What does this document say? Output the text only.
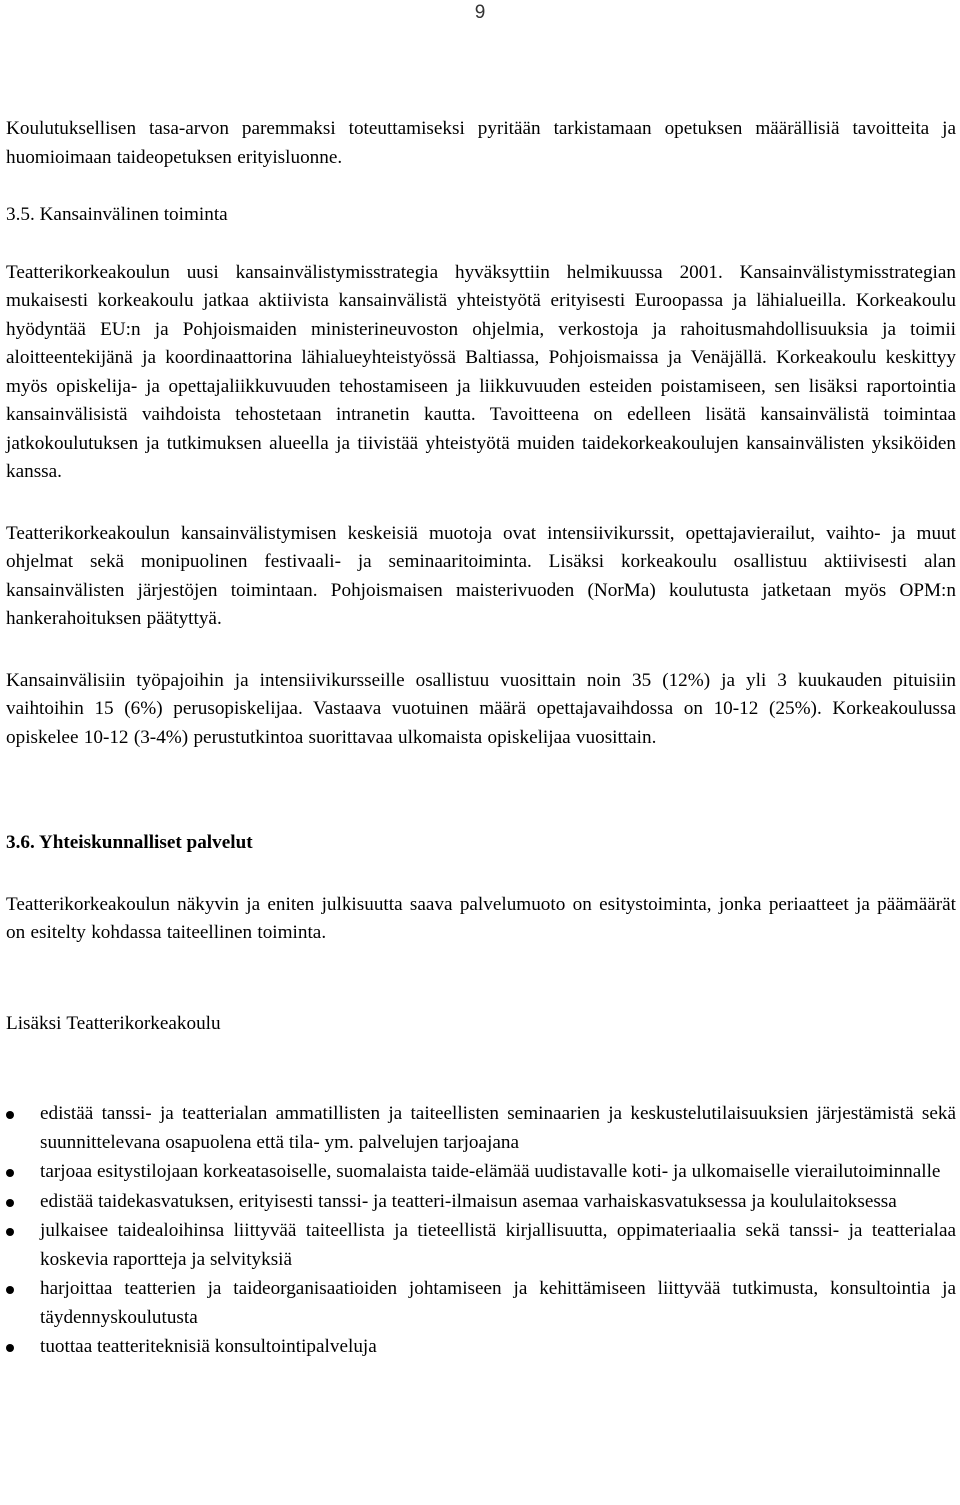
9

Koulutuksellisen tasa-arvon paremmaksi toteuttamiseksi pyritään tarkistamaan opetuksen määrällisiä tavoitteita ja huomioimaan taideopetuksen erityisluonne.

3.5. Kansainvälinen toiminta

Teatterikorkeakoulun uusi kansainvälistymisstrategia hyväksyttiin helmikuussa 2001. Kansainvälistymisstrategian mukaisesti korkeakoulu jatkaa aktiivista kansainvälistä yhteistyötä erityisesti Euroopassa ja lähialueilla. Korkeakoulu hyödyntää EU:n ja Pohjoismaiden ministerineuvoston ohjelmia, verkostoja ja rahoitusmahdollisuuksia ja toimii aloitteentekijänä ja koordinaattorina lähialueyhteistyössä Baltiassa, Pohjoismaissa ja Venäjällä. Korkeakoulu keskittyy myös opiskelija- ja opettajaliikkuvuuden tehostamiseen ja liikkuvuuden esteiden poistamiseen, sen lisäksi raportointia kansainvälisistä vaihdoista tehostetaan intranetin kautta. Tavoitteena on edelleen lisätä kansainvälistä toimintaa jatkokoulutuksen ja tutkimuksen alueella ja tiivistää yhteistyötä muiden taidekorkeakoulujen kansainvälisten yksiköiden kanssa.

Teatterikorkeakoulun kansainvälistymisen keskeisiä muotoja ovat intensiivikurssit, opettajavierailut, vaihto- ja muut ohjelmat sekä monipuolinen festivaali- ja seminaaritoiminta. Lisäksi korkeakoulu osallistuu aktiivisesti alan kansainvälisten järjestöjen toimintaan. Pohjoismaisen maisterivuoden (NorMa) koulutusta jatketaan myös OPM:n hankerahoituksen päätyttyä.

Kansainvälisiin työpajoihin ja intensiivikursseille osallistuu vuosittain noin 35 (12%) ja yli 3 kuukauden pituisiin vaihtoihin 15 (6%) perusopiskelijaa. Vastaava vuotuinen määrä opettajavaihdossa on 10-12 (25%). Korkeakoulussa opiskelee 10-12 (3-4%) perustutkintoa suorittavaa ulkomaista opiskelijaa vuosittain.

3.6. Yhteiskunnalliset palvelut

Teatterikorkeakoulun näkyvin ja eniten julkisuutta saava palvelumuoto on esitystoiminta, jonka periaatteet ja päämäärät on esitelty kohdassa taiteellinen toiminta.

Lisäksi Teatterikorkeakoulu

edistää tanssi- ja teatterialan ammatillisten ja taiteellisten seminaarien ja keskustelutilaisuuksien järjestämistä sekä suunnittelevana osapuolena että tila- ym. palvelujen tarjoajana
tarjoaa esitystilojaan korkeatasoiselle, suomalaista taide-elämää uudistavalle koti- ja ulkomaiselle vierailutoiminnalle
edistää taidekasvatuksen, erityisesti tanssi- ja teatteri-ilmaisun asemaa varhaiskasvatuksessa ja koululaitoksessa
julkaisee taidealoihinsa liittyvää taiteellista ja tieteellistä kirjallisuutta, oppimateriaalia sekä tanssi- ja teatterialaa koskevia raportteja ja selvityksiä
harjoittaa teatterien ja taideorganisaatioiden johtamiseen ja kehittämiseen liittyvää tutkimusta, konsultointia ja täydennyskoulutusta
tuottaa teatteriteknisiä konsultointipalveluja
